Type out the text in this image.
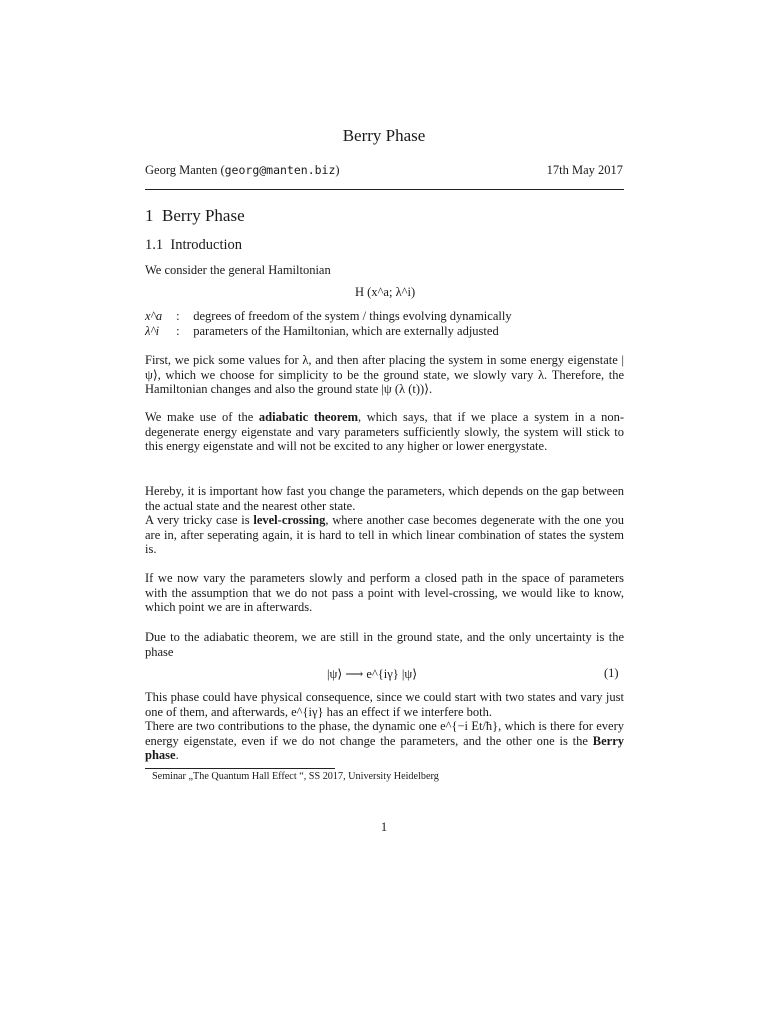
Berry Phase
Georg Manten (georg@manten.biz)	17th May 2017
1 Berry Phase
1.1 Introduction
We consider the general Hamiltonian
H (x^a; λ^i)
x^a : degrees of freedom of the system / things evolving dynamically
λ^i : parameters of the Hamiltonian, which are externally adjusted
First, we pick some values for λ, and then after placing the system in some energy eigenstate |ψ⟩, which we choose for simplicity to be the ground state, we slowly vary λ. Therefore, the Hamiltonian changes and also the ground state |ψ (λ (t))⟩.
We make use of the adiabatic theorem, which says, that if we place a system in a non-degenerate energy eigenstate and vary parameters sufficiently slowly, the system will stick to this energy eigenstate and will not be excited to any higher or lower energystate.
Hereby, it is important how fast you change the parameters, which depends on the gap between the actual state and the nearest other state.
A very tricky case is level-crossing, where another case becomes degenerate with the one you are in, after seperating again, it is hard to tell in which linear combination of states the system is.
If we now vary the parameters slowly and perform a closed path in the space of parameters with the assumption that we do not pass a point with level-crossing, we would like to know, which point we are in afterwards.
Due to the adiabatic theorem, we are still in the ground state, and the only uncertainty is the phase
|ψ⟩ ⟶ e^{iγ} |ψ⟩	(1)
This phase could have physical consequence, since we could start with two states and vary just one of them, and afterwards, e^{iγ} has an effect if we interfere both.
There are two contributions to the phase, the dynamic one e^{−i Et/ħ}, which is there for every energy eigenstate, even if we do not change the parameters, and the other one is the Berry phase.
Seminar „The Quantum Hall Effect “, SS 2017, University Heidelberg
1
